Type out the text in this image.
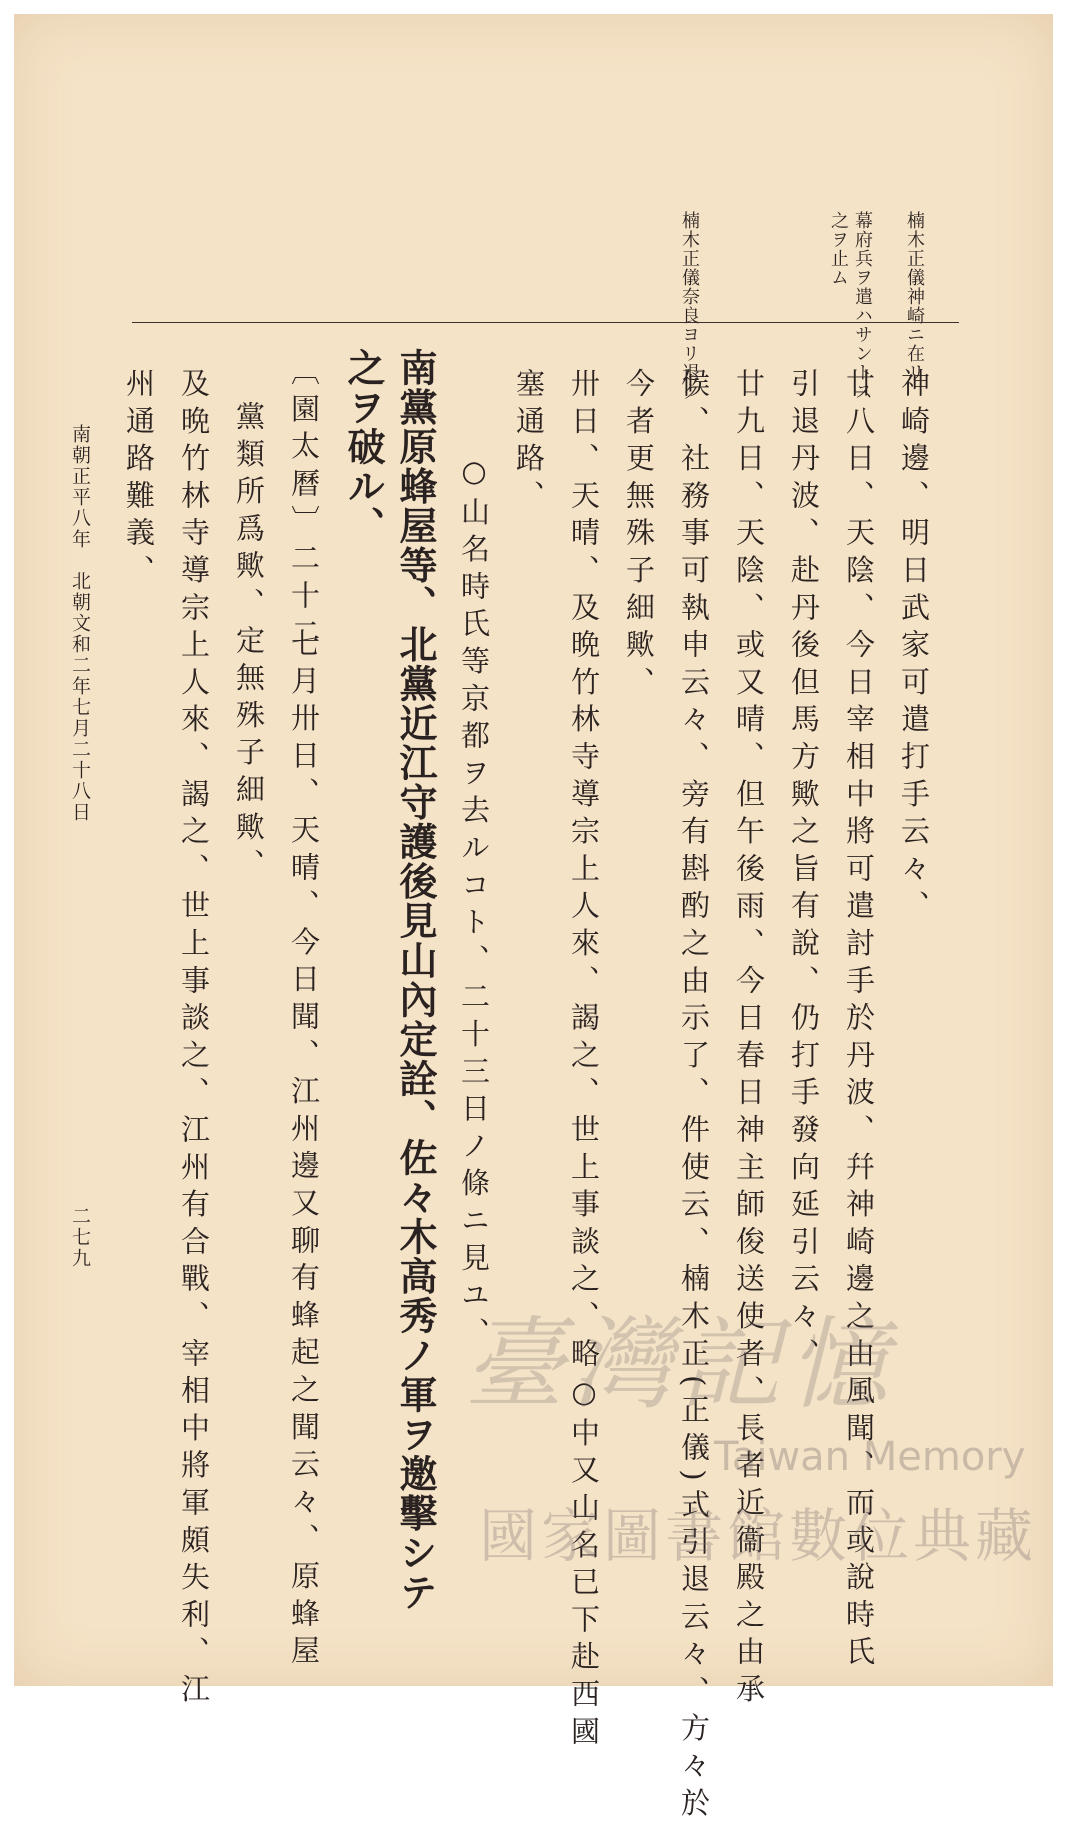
楠木正儀神崎ニ在リ
幕府兵ヲ遣ハサントス
之ヲ止ム
楠木正儀奈良ヨリ退ク
神崎邊、明日武家可遣打手云々、
廿八日、天陰、今日宰相中將可遣討手於丹波、幷神崎邊之由風聞、而或說時氏
引退丹波、赴丹後但馬方歟之旨有說、仍打手發向延引云々、
廿九日、天陰、或又晴、但午後雨、今日春日神主師俊送使者、長者近衞殿之由承
候、社務事可執申云々、旁有斟酌之由示了、件使云、楠木正(正儀)式引退云々、方々於
今者更無殊子細歟、
卅日、天晴、及晩竹林寺導宗上人來、謁之、世上事談之、略○中又山名已下赴西國
塞通路、
○山名時氏等京都ヲ去ルコト、二十三日ノ條ニ見ユ、
南黨原蜂屋等、北黨近江守護後見山內定詮、佐々木高秀ノ軍ヲ邀擊シテ
之ヲ破ル、
〔園太曆〕二十二
七月卅日、天晴、今日聞、江州邊又聊有蜂起之聞云々、原蜂屋
黨類所爲歟、定無殊子細歟、
及晩竹林寺導宗上人來、謁之、世上事談之、江州有合戰、宰相中將軍頗失利、江
州通路難義、
南朝正平八年　北朝文和二年七月二十八日
二七九
臺灣記憶
Taiwan Memory
國家圖書館數位典藏
